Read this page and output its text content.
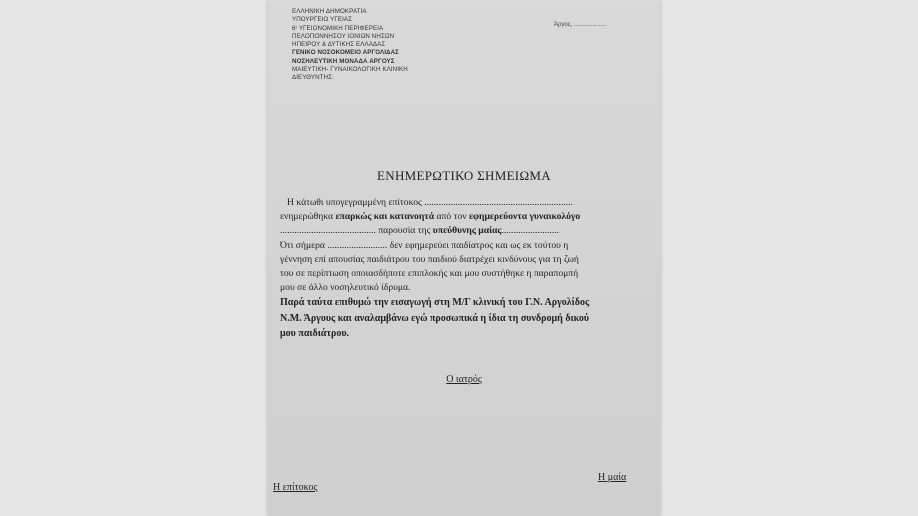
ΕΛΛΗΝΙΚΗ ΔΗΜΟΚΡΑΤΙΑ
ΥΠΟΥΡΓΕΙΟ ΥΓΕΙΑΣ
6ᵗ ΥΓΕΙΟΝΟΜΙΚΗ ΠΕΡΙΦΕΡΕΙΑ
ΠΕΛΟΠΟΝΝΗΣΟΥ ΙΟΝΙΩΝ ΝΗΣΩΝ
ΗΠΕΙΡΟΥ & ΔΥΤΙΚΗΣ ΕΛΛΑΔΑΣ
ΓΕΝΙΚΟ ΝΟΣΟΚΟΜΕΙΟ ΑΡΓΟΛΙΔΑΣ
ΝΟΣΗΛΕΥΤΙΚΗ ΜΟΝΑΔΑ ΑΡΓΟΥΣ
ΜΑΙΕΥΤΙΚΗ- ΓΥΝΑΙΚΟΛΟΓΙΚΗ ΚΛΙΝΙΚΗ
ΔΙΕΥΘΥΝΤΗΣ:
Άργος, ...................
ΕΝΗΜΕΡΩΤΙΚΟ ΣΗΜΕΙΩΜΑ

Η κάτωθι υπογεγραμμένη επίτοκος ..............................................................

ενημερώθηκα επαρκώς και κατανοητά από τον εφημερεύοντα γυναικολόγο

........................................ παρουσία της υπεύθυνης μαίας........................

Ότι σήμερα ......................... δεν εφημερεύει παιδίατρος και ως εκ τούτου η

γέννηση επί απουσίας παιδιάτρου του παιδιού διατρέχει κινδύνους για τη ζωή

του σε περίπτωση οποιασδήποτε επιπλοκής και μου συστήθηκε η παραπομπή

μου σε άλλο νοσηλευτικό ίδρυμα.

Παρά ταύτα επιθυμώ την εισαγωγή στη Μ/Γ κλινική του Γ.Ν. Αργολίδος

Ν.Μ. Άργους και αναλαμβάνω εγώ προσωπικά η ίδια τη συνδρομή δικού

μου παιδιάτρου.

Ο ιατρός
Η επίτοκος
Η μαία
